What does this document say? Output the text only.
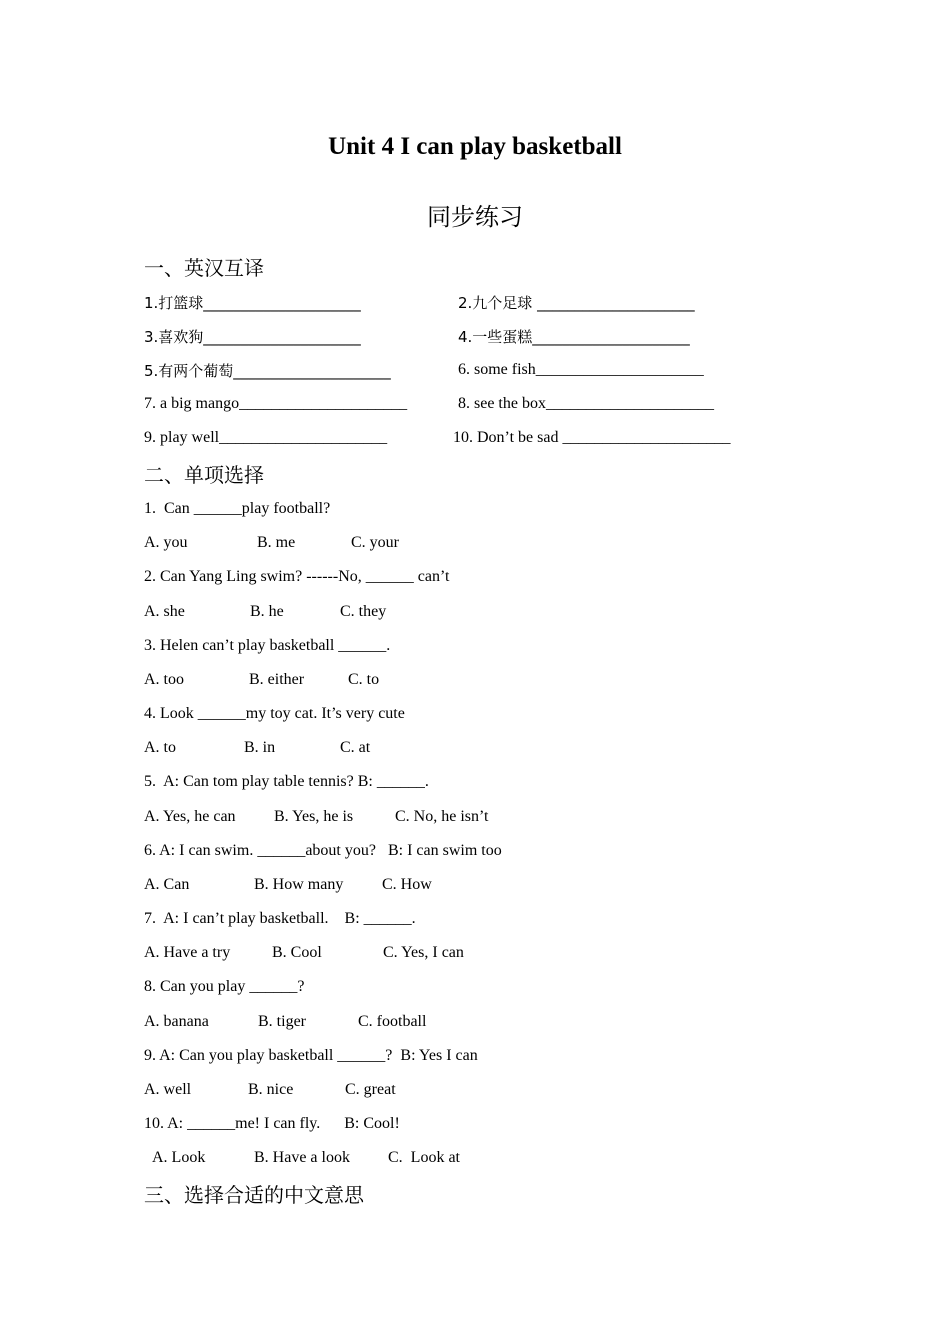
Unit 4 I can play basketball
同步练习
一、英汉互译
1.打篮球_____________________	2.九个足球 _____________________
3.喜欢狗_____________________	4.一些蛋糕_____________________
5.有两个葡萄_____________________	6. some fish_____________________
7. a big mango_____________________	8. see the box_____________________
9. play well_____________________	10. Don’t be sad _____________________
二、单项选择
1.  Can ______play football?
A. you	B. me	C. your
2. Can Yang Ling swim? ------No, ______ can’t
A. she	B. he	C. they
3. Helen can’t play basketball ______.
A. too	B. either	C. to
4. Look ______my toy cat. It’s very cute
A. to	B. in	C. at
5.  A: Can tom play table tennis? B: ______.
A. Yes, he can B. Yes, he is	C. No, he isn’t
6. A: I can swim. ______about you?   B: I can swim too
A. Can	B. How many C. How
7.  A: I can’t play basketball.    B: ______.
A. Have a try	B. Cool	C. Yes, I can
8. Can you play ______?
A. banana	B. tiger	C. football
9. A: Can you play basketball ______?  B: Yes I can
A. well	B. nice	C. great
10. A: ______me! I can fly.      B: Cool!
A. Look	B. Have a look C.  Look at
三、选择合适的中文意思
